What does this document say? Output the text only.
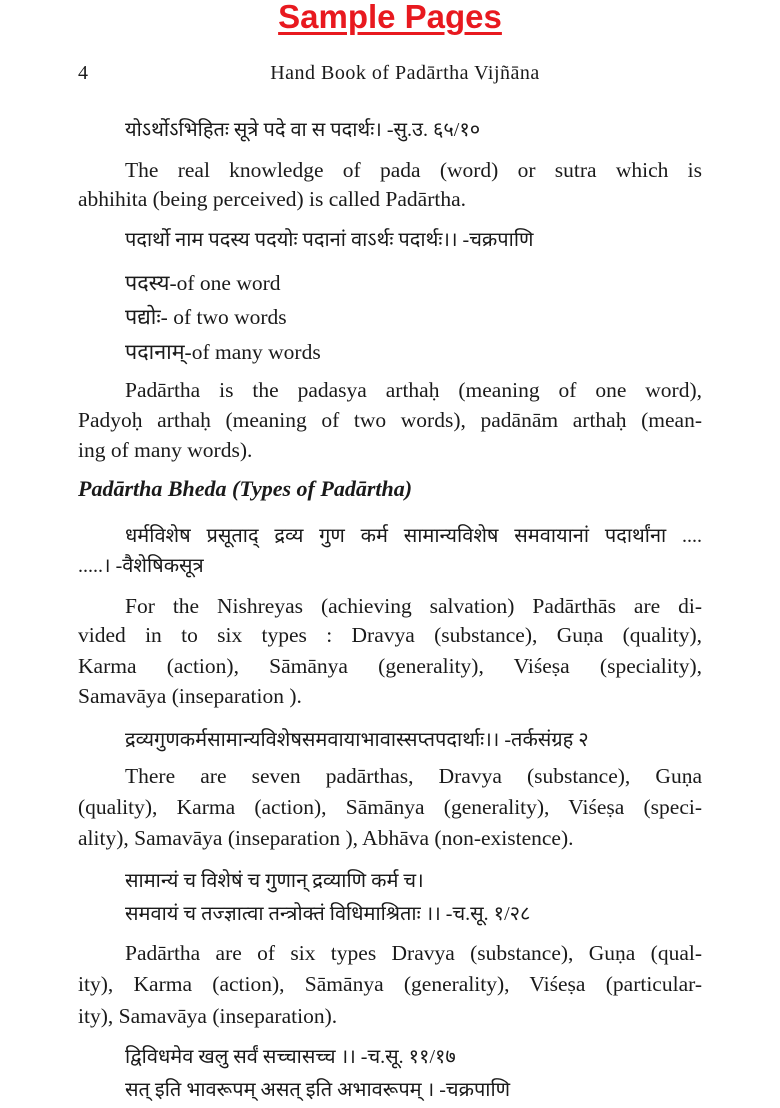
Sample Pages
4	Hand Book of Padārtha Vijñāna
योऽर्थोऽभिहितः सूत्रे पदे वा स पदार्थः। -सु.उ. ६५/१०
The real knowledge of pada (word) or sutra which is
abhihita (being perceived) is called Padārtha.
पदार्थो नाम पदस्य पदयोः पदानां वाऽर्थः पदार्थः।। -चक्रपाणि
पदस्य-of one word
पद्योः- of two words
पदानाम्-of many words
Padārtha is the padasya arthaḥ (meaning of one word),
Padyoḥ arthaḥ (meaning of two words), padānām arthaḥ (mean-
ing of many words).
Padārtha Bheda (Types of Padārtha)
धर्मविशेष प्रसूताद् द्रव्य गुण कर्म सामान्यविशेष समवायानां पदार्थांना ....
.....। -वैशेषिकसूत्र
For the Nishreyas (achieving salvation) Padārthās are di-
vided in to six types : Dravya (substance), Guṇa (quality),
Karma (action), Sāmānya (generality), Viśeṣa (speciality),
Samavāya (inseparation ).
द्रव्यगुणकर्मसामान्यविशेषसमवायाभावास्सप्तपदार्थाः।। -तर्कसंग्रह २
There are seven padārthas, Dravya (substance), Guṇa
(quality), Karma (action), Sāmānya (generality), Viśeṣa (speci-
ality), Samavāya (inseparation ), Abhāva (non-existence).
सामान्यं च विशेषं च गुणान् द्रव्याणि कर्म च।
समवायं च तज्ज्ञात्वा तन्त्रोक्तं विधिमाश्रिताः ।। -च.सू. १/२८
Padārtha are of six types Dravya (substance), Guṇa (qual-
ity), Karma (action), Sāmānya (generality), Viśeṣa (particular-
ity), Samavāya (inseparation).
द्विविधमेव खलु सर्वं सच्चासच्च ।। -च.सू. ११/१७
सत् इति भावरूपम् असत् इति अभावरूपम् । -चक्रपाणि
